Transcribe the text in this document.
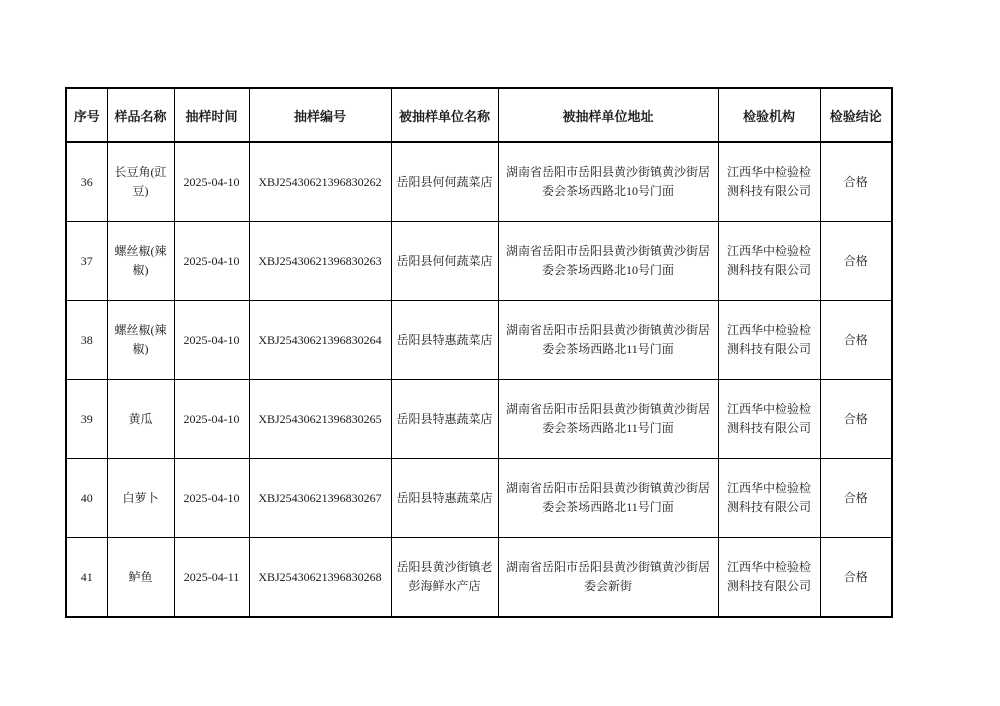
序号	样品名称	抽样时间	抽样编号	被抽样单位名称	被抽样单位地址	检验机构	检验结论
36	长豆角(豇豆)	2025-04-10	XBJ25430621396830262	岳阳县何何蔬菜店	湖南省岳阳市岳阳县黄沙街镇黄沙街居委会茶场西路北10号门面	江西华中检验检测科技有限公司	合格
37	螺丝椒(辣椒)	2025-04-10	XBJ25430621396830263	岳阳县何何蔬菜店	湖南省岳阳市岳阳县黄沙街镇黄沙街居委会茶场西路北10号门面	江西华中检验检测科技有限公司	合格
38	螺丝椒(辣椒)	2025-04-10	XBJ25430621396830264	岳阳县特惠蔬菜店	湖南省岳阳市岳阳县黄沙街镇黄沙街居委会茶场西路北11号门面	江西华中检验检测科技有限公司	合格
39	黄瓜	2025-04-10	XBJ25430621396830265	岳阳县特惠蔬菜店	湖南省岳阳市岳阳县黄沙街镇黄沙街居委会茶场西路北11号门面	江西华中检验检测科技有限公司	合格
40	白萝卜	2025-04-10	XBJ25430621396830267	岳阳县特惠蔬菜店	湖南省岳阳市岳阳县黄沙街镇黄沙街居委会茶场西路北11号门面	江西华中检验检测科技有限公司	合格
41	鲈鱼	2025-04-11	XBJ25430621396830268	岳阳县黄沙街镇老彭海鲜水产店	湖南省岳阳市岳阳县黄沙街镇黄沙街居委会新街	江西华中检验检测科技有限公司	合格
